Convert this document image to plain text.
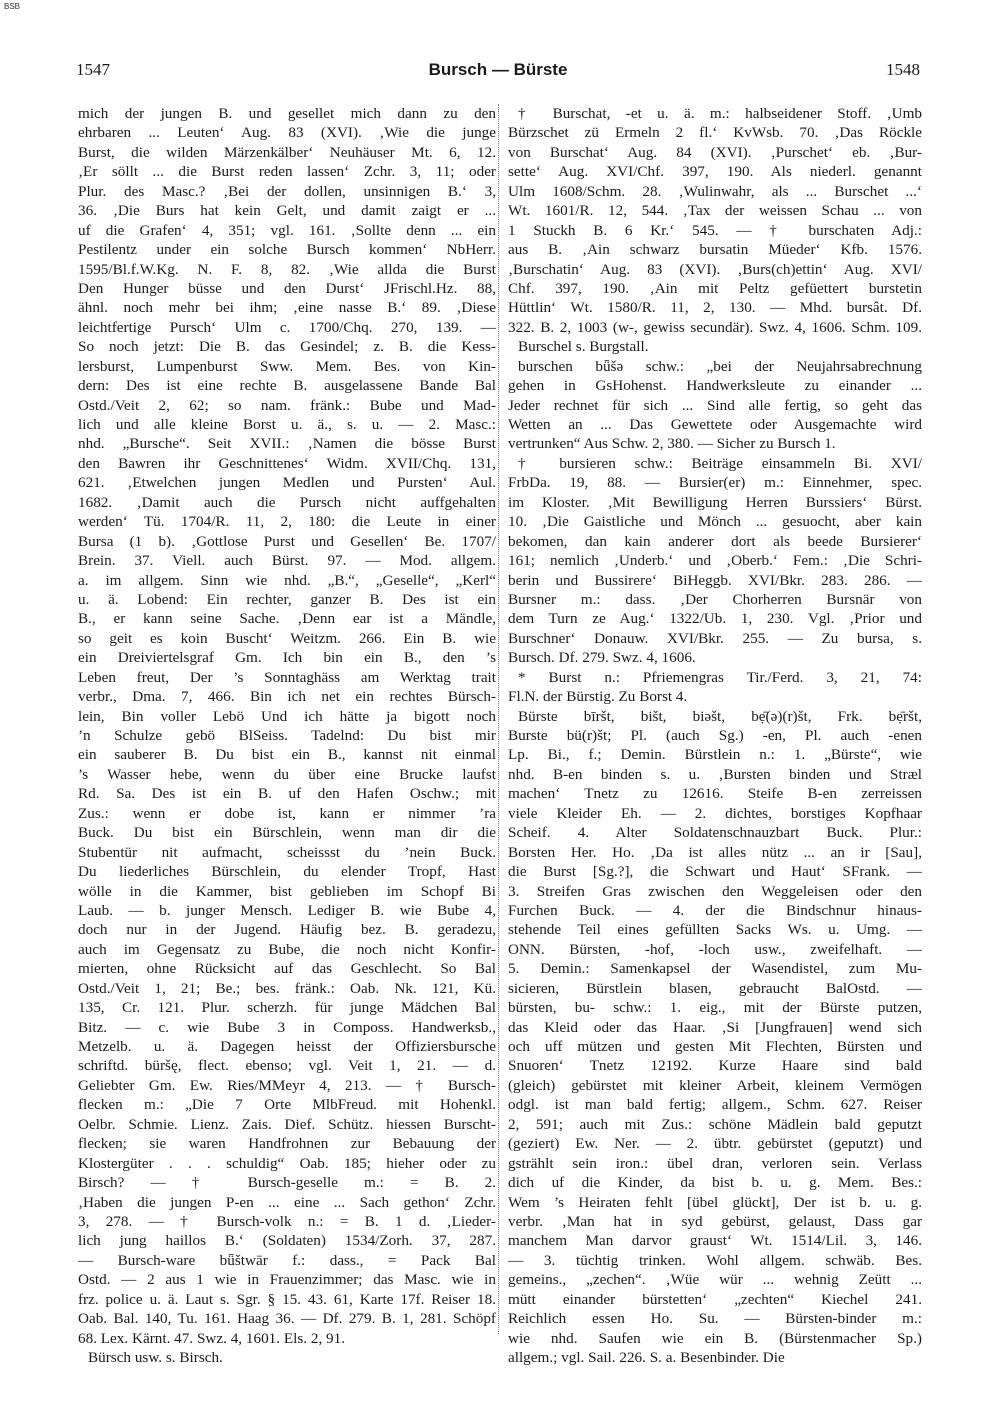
BSB
1547	Bursch — Bürste	1548
mich der jungen B. und gesellet mich dann zu den
ehrbaren ... Leuten‘ Aug. 83 (XVI). ‚Wie die junge
Burst, die wilden Märzenkälber‘ Neuhäuser Mt. 6, 12.
‚Er söllt ... die Burst reden lassen‘ Zchr. 3, 11; oder
Plur. des Masc.? ‚Bei der dollen, unsinnigen B.‘ 3,
36. ‚Die Burs hat kein Gelt, und damit zaigt er ...
uf die Grafen‘ 4, 351; vgl. 161. ‚Sollte denn ... ein
Pestilentz under ein solche Bursch kommen‘ NbHerr.
1595/Bl.f.W.Kg. N. F. 8, 82. ‚Wie allda die Burst
Den Hunger büsse und den Durst‘ JFrischl.Hz. 88,
ähnl. noch mehr bei ihm; ‚eine nasse B.‘ 89. ‚Diese
leichtfertige Pursch‘ Ulm c. 1700/Chq. 270, 139. —
So noch jetzt: Die B. das Gesindel; z. B. die Kess-
lersburst, Lumpenburst Sww. Mem. Bes. von Kin-
dern: Des ist eine rechte B. ausgelassene Bande Bal
Ostd./Veit 2, 62; so nam. fränk.: Bube und Mad-
lich und alle kleine Borst u. ä., s. u. — 2. Masc.:
nhd. „Bursche“. Seit XVII.: ‚Namen die bösse Burst
den Bawren ihr Geschnittenes‘ Widm. XVII/Chq. 131,
621. ‚Etwelchen jungen Medlen und Pursten‘ Aul.
1682. ‚Damit auch die Pursch nicht auffgehalten
werden‘ Tü. 1704/R. 11, 2, 180: die Leute in einer
Bursa (1 b). ‚Gottlose Purst und Gesellen‘ Be. 1707/
Brein. 37. Viell. auch Bürst. 97. — Mod. allgem.
a. im allgem. Sinn wie nhd. „B.“, „Geselle“, „Kerl“
u. ä. Lobend: Ein rechter, ganzer B. Des ist ein
B., er kann seine Sache. ‚Denn ear ist a Mändle,
so geit es koin Buscht‘ Weitzm. 266. Ein B. wie
ein Dreiviertelsgraf Gm. Ich bin ein B., den ’s
Leben freut, Der ’s Sonntaghäss am Werktag trait
verbr., Dma. 7, 466. Bin ich net ein rechtes Bürsch-
lein, Bin voller Lebö Und ich hätte ja bigott noch
’n Schulze gebö BlSeiss. Tadelnd: Du bist mir
ein sauberer B. Du bist ein B., kannst nit einmal
’s Wasser hebe, wenn du über eine Brucke laufst
Rd. Sa. Des ist ein B. uf den Hafen Oschw.; mit
Zus.: wenn er dobe ist, kann er nimmer ’ra
Buck. Du bist ein Bürschlein, wenn man dir die
Stubentür nit aufmacht, scheissst du ’nein Buck.
Du liederliches Bürschlein, du elender Tropf, Hast
wölle in die Kammer, bist geblieben im Schopf Bi
Laub. — b. junger Mensch. Lediger B. wie Bube 4,
doch nur in der Jugend. Häufig bez. B. geradezu,
auch im Gegensatz zu Bube, die noch nicht Konfir-
mierten, ohne Rücksicht auf das Geschlecht. So Bal
Ostd./Veit 1, 21; Be.; bes. fränk.: Oab. Nk. 121, Kü.
135, Cr. 121. Plur. scherzh. für junge Mädchen Bal
Bitz. — c. wie Bube 3 in Composs. Handwerksb.,
Metzelb. u. ä. Dagegen heisst der Offiziersbursche
schriftd. büršę, flect. ebenso; vgl. Veit 1, 21. — d.
Geliebter Gm. Ew. Ries/MMeyr 4, 213. — † Bursch-
flecken m.: „Die 7 Orte MlbFreud. mit Hohenkl.
Oelbr. Schmie. Lienz. Zais. Dief. Schütz. hiessen Burscht-
flecken; sie waren Handfrohnen zur Bebauung der
Klostergüter . . . schuldig“ Oab. 185; hieher oder zu
Birsch? — † Bursch-geselle m.: = B. 2.
‚Haben die jungen P-en ... eine ... Sach gethon‘ Zchr.
3, 278. — † Bursch-volk n.: = B. 1 d. ‚Lieder-
lich jung haillos B.‘ (Soldaten) 1534/Zorh. 37, 287.
— Bursch-ware bǖštwār f.: dass., = Pack Bal
Ostd. — 2 aus 1 wie in Frauenzimmer; das Masc. wie in
frz. police u. ä. Laut s. Sgr. § 15. 43. 61, Karte 17f. Reiser 18.
Oab. Bal. 140, Tu. 161. Haag 36. — Df. 279. B. 1, 281. Schöpf
68. Lex. Kärnt. 47. Swz. 4, 1601. Els. 2, 91.
Bürsch usw. s. Birsch.
† Burschat, -et u. ä. m.: halbseidener Stoff. ‚Umb
Bürzschet zü Ermeln 2 fl.‘ KvWsb. 70. ‚Das Röckle
von Burschat‘ Aug. 84 (XVI). ‚Purschet‘ eb. ‚Bur-
sette‘ Aug. XVI/Chf. 397, 190. Als niederl. genannt
Ulm 1608/Schm. 28. ‚Wulinwahr, als ... Burschet ...‘
Wt. 1601/R. 12, 544. ‚Tax der weissen Schau ... von
1 Stuckh B. 6 Kr.‘ 545. — † burschaten Adj.:
aus B. ‚Ain schwarz bursatin Müeder‘ Kfb. 1576.
‚Burschatin‘ Aug. 83 (XVI). ‚Burs(ch)ettin‘ Aug. XVI/
Chf. 397, 190. ‚Ain mit Peltz gefüettert burstetin
Hüttlin‘ Wt. 1580/R. 11, 2, 130. — Mhd. bursât. Df.
322. B. 2, 1003 (w-, gewiss secundär). Swz. 4, 1606. Schm. 109.
Burschel s. Burgstall.
burschen bǖšə schw.: „bei der Neujahrsabrechnung
gehen in GsHohenst. Handwerksleute zu einander ...
Jeder rechnet für sich ... Sind alle fertig, so geht das
Wetten an ... Das Gewettete oder Ausgemachte wird
vertrunken“ Aus Schw. 2, 380. — Sicher zu Bursch 1.
† bursieren schw.: Beiträge einsammeln Bi. XVI/
FrbDa. 19, 88. — Bursier(er) m.: Einnehmer, spec.
im Kloster. ‚Mit Bewilligung Herren Burssiers‘ Bürst.
10. ‚Die Gaistliche und Mönch ... gesuocht, aber kain
bekomen, dan kain anderer dort als beede Bursierer‘
161; nemlich ‚Underb.‘ und ‚Oberb.‘ Fem.: ‚Die Schri-
berin und Bussirere‘ BiHeggb. XVI/Bkr. 283. 286. —
Bursner m.: dass. ‚Der Chorherren Bursnär von
dem Turn ze Aug.‘ 1322/Ub. 1, 230. Vgl. ‚Prior und
Burschner‘ Donauw. XVI/Bkr. 255. — Zu bursa, s.
Bursch. Df. 279. Swz. 4, 1606.
* Burst n.: Pfriemengras Tir./Ferd. 3, 21, 74:
Fl.N. der Bürstig. Zu Borst 4.
Bürste bīršt, bišt, biəšt, bẹ̄(ə)(r)št, Frk. bẹ̄ršt,
Burste bü(r)št; Pl. (auch Sg.) -en, Pl. auch -enen
Lp. Bi., f.; Demin. Bürstlein n.: 1. „Bürste“, wie
nhd. B-en binden s. u. ‚Bursten binden und Stræl
machen‘ Tnetz zu 12616. Steife B-en zerreissen
viele Kleider Eh. — 2. dichtes, borstiges Kopfhaar
Scheif. 4. Alter Soldatenschnauzbart Buck. Plur.:
Borsten Her. Ho. ‚Da ist alles nütz ... an ir [Sau],
die Burst [Sg.?], die Schwart und Haut‘ SFrank. —
3. Streifen Gras zwischen den Weggeleisen oder den
Furchen Buck. — 4. der die Bindschnur hinaus-
stehende Teil eines gefüllten Sacks Ws. u. Umg. —
ONN. Bürsten, -hof, -loch usw., zweifelhaft. —
5. Demin.: Samenkapsel der Wasendistel, zum Mu-
sicieren, Bürstlein blasen, gebraucht BalOstd. —
bürsten, bu- schw.: 1. eig., mit der Bürste putzen,
das Kleid oder das Haar. ‚Si [Jungfrauen] wend sich
och uff mützen und gesten Mit Flechten, Bürsten und
Snuoren‘ Tnetz 12192. Kurze Haare sind bald
(gleich) gebürstet mit kleiner Arbeit, kleinem Vermögen
odgl. ist man bald fertig; allgem., Schm. 627. Reiser
2, 591; auch mit Zus.: schöne Mädlein bald geputzt
(geziert) Ew. Ner. — 2. übtr. gebürstet (geputzt) und
gstrählt sein iron.: übel dran, verloren sein. Verlass
dich uf die Kinder, da bist b. u. g. Mem. Bes.:
Wem ’s Heiraten fehlt [übel glückt], Der ist b. u. g.
verbr. ‚Man hat in syd gebürst, gelaust, Dass gar
manchem Man darvor graust‘ Wt. 1514/Lil. 3, 146.
— 3. tüchtig trinken. Wohl allgem. schwäb. Bes.
gemeins., „zechen“. ‚Wüe wür ... wehnig Zeütt ...
mütt einander bürstetten‘ „zechten“ Kiechel 241.
Reichlich essen Ho. Su. — Bürsten-binder m.:
wie nhd. Saufen wie ein B. (Bürstenmacher Sp.)
allgem.; vgl. Sail. 226. S. a. Besenbinder. Die
